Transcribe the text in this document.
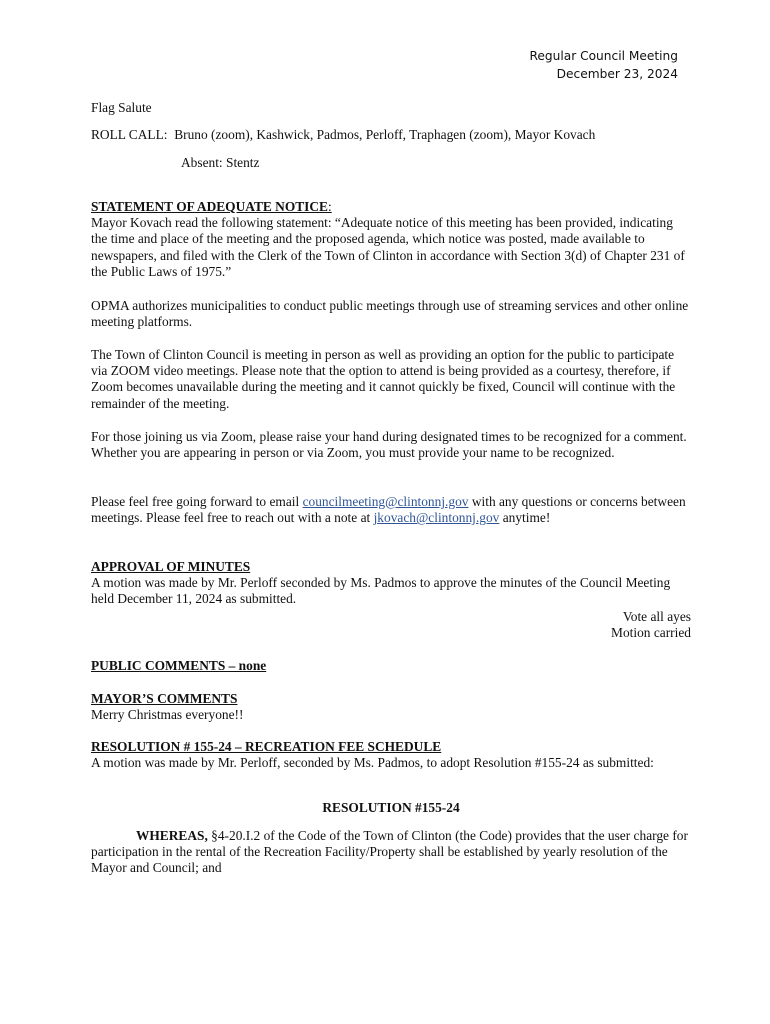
Regular Council Meeting
December 23, 2024

Flag Salute

ROLL CALL: Bruno (zoom), Kashwick, Padmos, Perloff, Traphagen (zoom), Mayor Kovach

Absent: Stentz

STATEMENT OF ADEQUATE NOTICE:

Mayor Kovach read the following statement: “Adequate notice of this meeting has been provided, indicating the time and place of the meeting and the proposed agenda, which notice was posted, made available to newspapers, and filed with the Clerk of the Town of Clinton in accordance with Section 3(d) of Chapter 231 of the Public Laws of 1975.”

OPMA authorizes municipalities to conduct public meetings through use of streaming services and other online meeting platforms.

The Town of Clinton Council is meeting in person as well as providing an option for the public to participate via ZOOM video meetings. Please note that the option to attend is being provided as a courtesy, therefore, if Zoom becomes unavailable during the meeting and it cannot quickly be fixed, Council will continue with the remainder of the meeting.

For those joining us via Zoom, please raise your hand during designated times to be recognized for a comment. Whether you are appearing in person or via Zoom, you must provide your name to be recognized.

Please feel free going forward to email councilmeeting@clintonnj.gov with any questions or concerns between meetings. Please feel free to reach out with a note at jkovach@clintonnj.gov anytime!

APPROVAL OF MINUTES

A motion was made by Mr. Perloff seconded by Ms. Padmos to approve the minutes of the Council Meeting held December 11, 2024 as submitted.

Vote all ayes

Motion carried

PUBLIC COMMENTS – none

MAYOR’S COMMENTS

Merry Christmas everyone!!

RESOLUTION # 155-24 – RECREATION FEE SCHEDULE

A motion was made by Mr. Perloff, seconded by Ms. Padmos, to adopt Resolution #155-24 as submitted:

RESOLUTION #155-24

WHEREAS, §4-20.I.2 of the Code of the Town of Clinton (the Code) provides that the user charge for participation in the rental of the Recreation Facility/Property shall be established by yearly resolution of the Mayor and Council; and
